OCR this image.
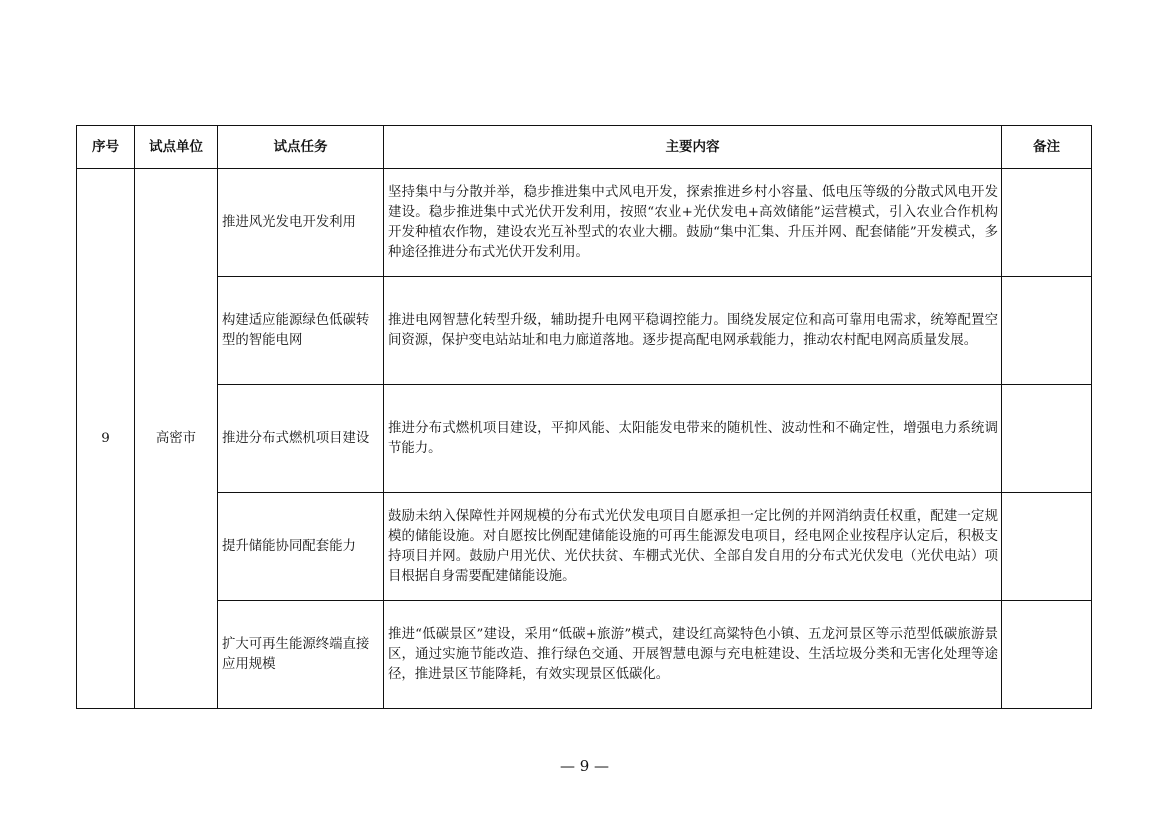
序号	试点单位	试点任务	主要内容	备注
9	高密市	推进风光发电开发利用	坚持集中与分散并举，稳步推进集中式风电开发，探索推进乡村小容量、低电压等级的分散式风电开发建设。稳步推进集中式光伏开发利用，按照“农业+光伏发电+高效储能”运营模式，引入农业合作机构开发种植农作物，建设农光互补型式的农业大棚。鼓励“集中汇集、升压并网、配套储能”开发模式，多种途径推进分布式光伏开发利用。	
		构建适应能源绿色低碳转型的智能电网	推进电网智慧化转型升级，辅助提升电网平稳调控能力。围绕发展定位和高可靠用电需求，统筹配置空间资源，保护变电站站址和电力廊道落地。逐步提高配电网承载能力，推动农村配电网高质量发展。	
		推进分布式燃机项目建设	推进分布式燃机项目建设，平抑风能、太阳能发电带来的随机性、波动性和不确定性，增强电力系统调节能力。	
		提升储能协同配套能力	鼓励未纳入保障性并网规模的分布式光伏发电项目自愿承担一定比例的并网消纳责任权重，配建一定规模的储能设施。对自愿按比例配建储能设施的可再生能源发电项目，经电网企业按程序认定后，积极支持项目并网。鼓励户用光伏、光伏扶贫、车棚式光伏、全部自发自用的分布式光伏发电（光伏电站）项目根据自身需要配建储能设施。	
		扩大可再生能源终端直接应用规模	推进“低碳景区”建设，采用“低碳+旅游”模式，建设红高粱特色小镇、五龙河景区等示范型低碳旅游景区，通过实施节能改造、推行绿色交通、开展智慧电源与充电桩建设、生活垃圾分类和无害化处理等途径，推进景区节能降耗，有效实现景区低碳化。	
— 9 —
